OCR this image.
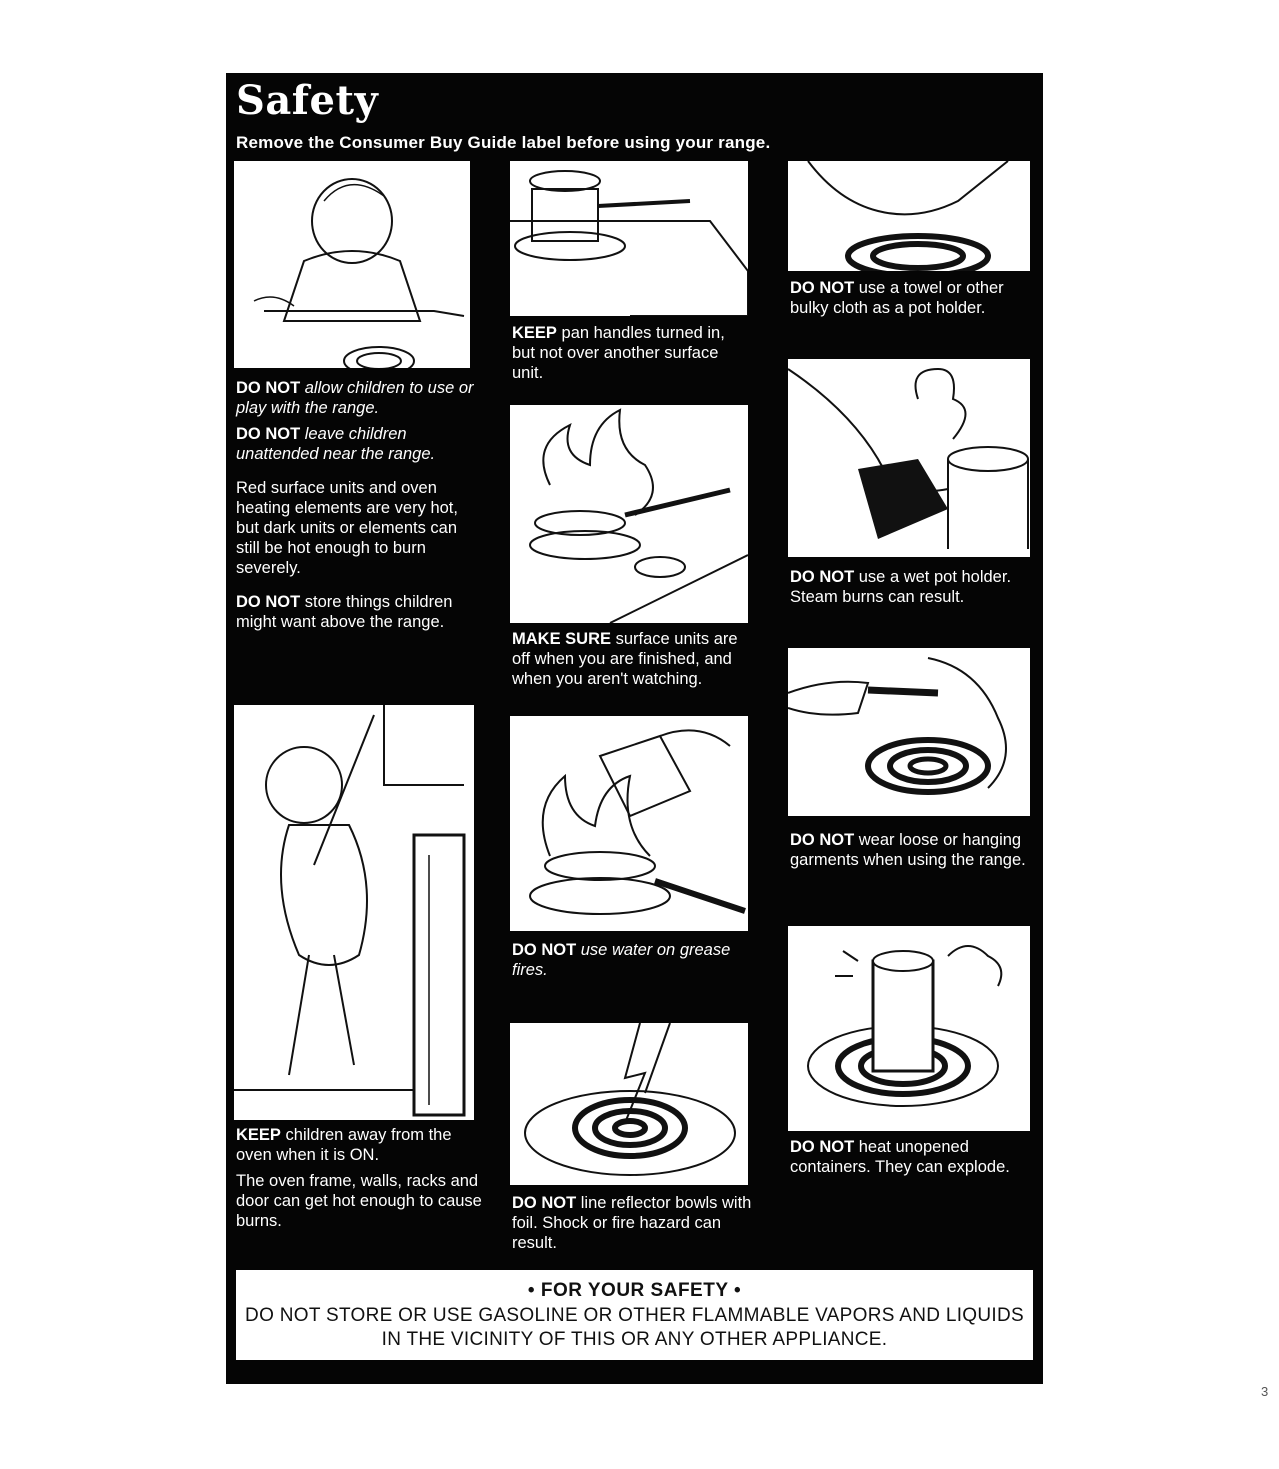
Safety

Remove the Consumer Buy Guide label before using your range.

DO NOT allow children to use or play with the range.

DO NOT leave children unattended near the range.

Red surface units and oven heating elements are very hot, but dark units or elements can still be hot enough to burn severely.

DO NOT store things children might want above the range.

KEEP children away from the oven when it is ON.

The oven frame, walls, racks and door can get hot enough to cause burns.

KEEP pan handles turned in, but not over another surface unit.

MAKE SURE surface units are off when you are finished, and when you aren't watching.

DO NOT use water on grease fires.

DO NOT line reflector bowls with foil. Shock or fire hazard can result.

DO NOT use a towel or other bulky cloth as a pot holder.

DO NOT use a wet pot holder. Steam burns can result.

DO NOT wear loose or hanging garments when using the range.

DO NOT heat unopened containers. They can explode.

• FOR YOUR SAFETY •

DO NOT STORE OR USE GASOLINE OR OTHER FLAMMABLE VAPORS AND LIQUIDS
IN THE VICINITY OF THIS OR ANY OTHER APPLIANCE.

3
